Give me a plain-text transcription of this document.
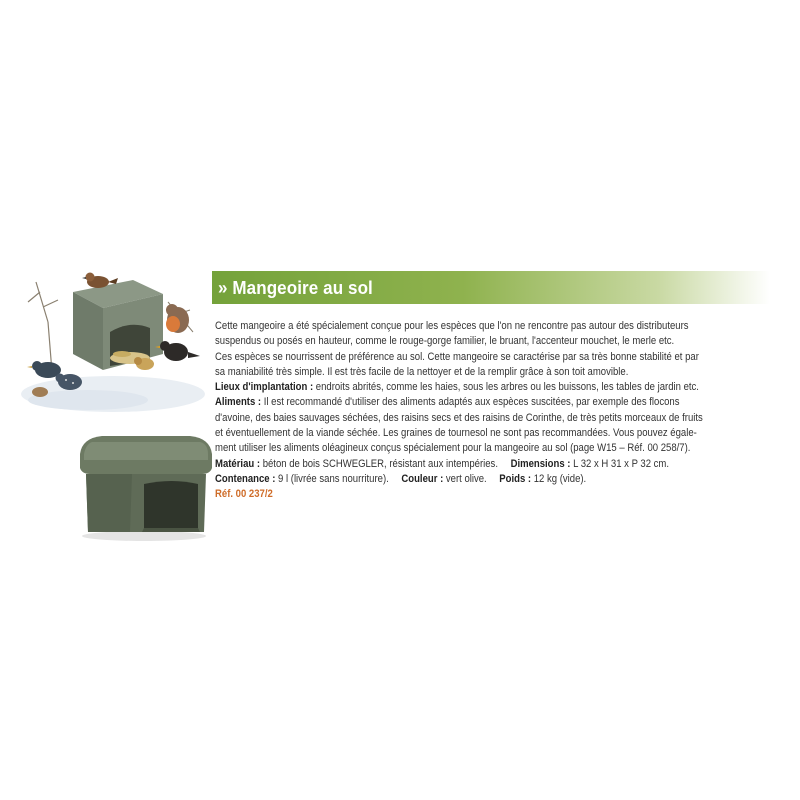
» Mangeoire au sol
Cette mangeoire a été spécialement conçue pour les espèces que l'on ne rencontre pas autour des distributeurs
suspendus ou posés en hauteur, comme le rouge-gorge familier, le bruant, l'accenteur mouchet, le merle etc.
Ces espèces se nourrissent de préférence au sol. Cette mangeoire se caractérise par sa très bonne stabilité et par
sa maniabilité très simple. Il est très facile de la nettoyer et de la remplir grâce à son toit amovible.
Lieux d'implantation : endroits abrités, comme les haies, sous les arbres ou les buissons, les tables de jardin etc.
Aliments : Il est recommandé d'utiliser des aliments adaptés aux espèces suscitées, par exemple des flocons
d'avoine, des baies sauvages séchées, des raisins secs et des raisins de Corinthe, de très petits morceaux de fruits
et éventuellement de la viande séchée. Les graines de tournesol ne sont pas recommandées. Vous pouvez égale-
ment utiliser les aliments oléagineux conçus spécialement pour la mangeoire au sol (page W15 – Réf. 00 258/7).
Matériau : béton de bois SCHWEGLER, résistant aux intempéries. Dimensions : L 32 x H 31 x P 32 cm.
Contenance : 9 l (livrée sans nourriture). Couleur : vert olive. Poids : 12 kg (vide).
Réf. 00 237/2
